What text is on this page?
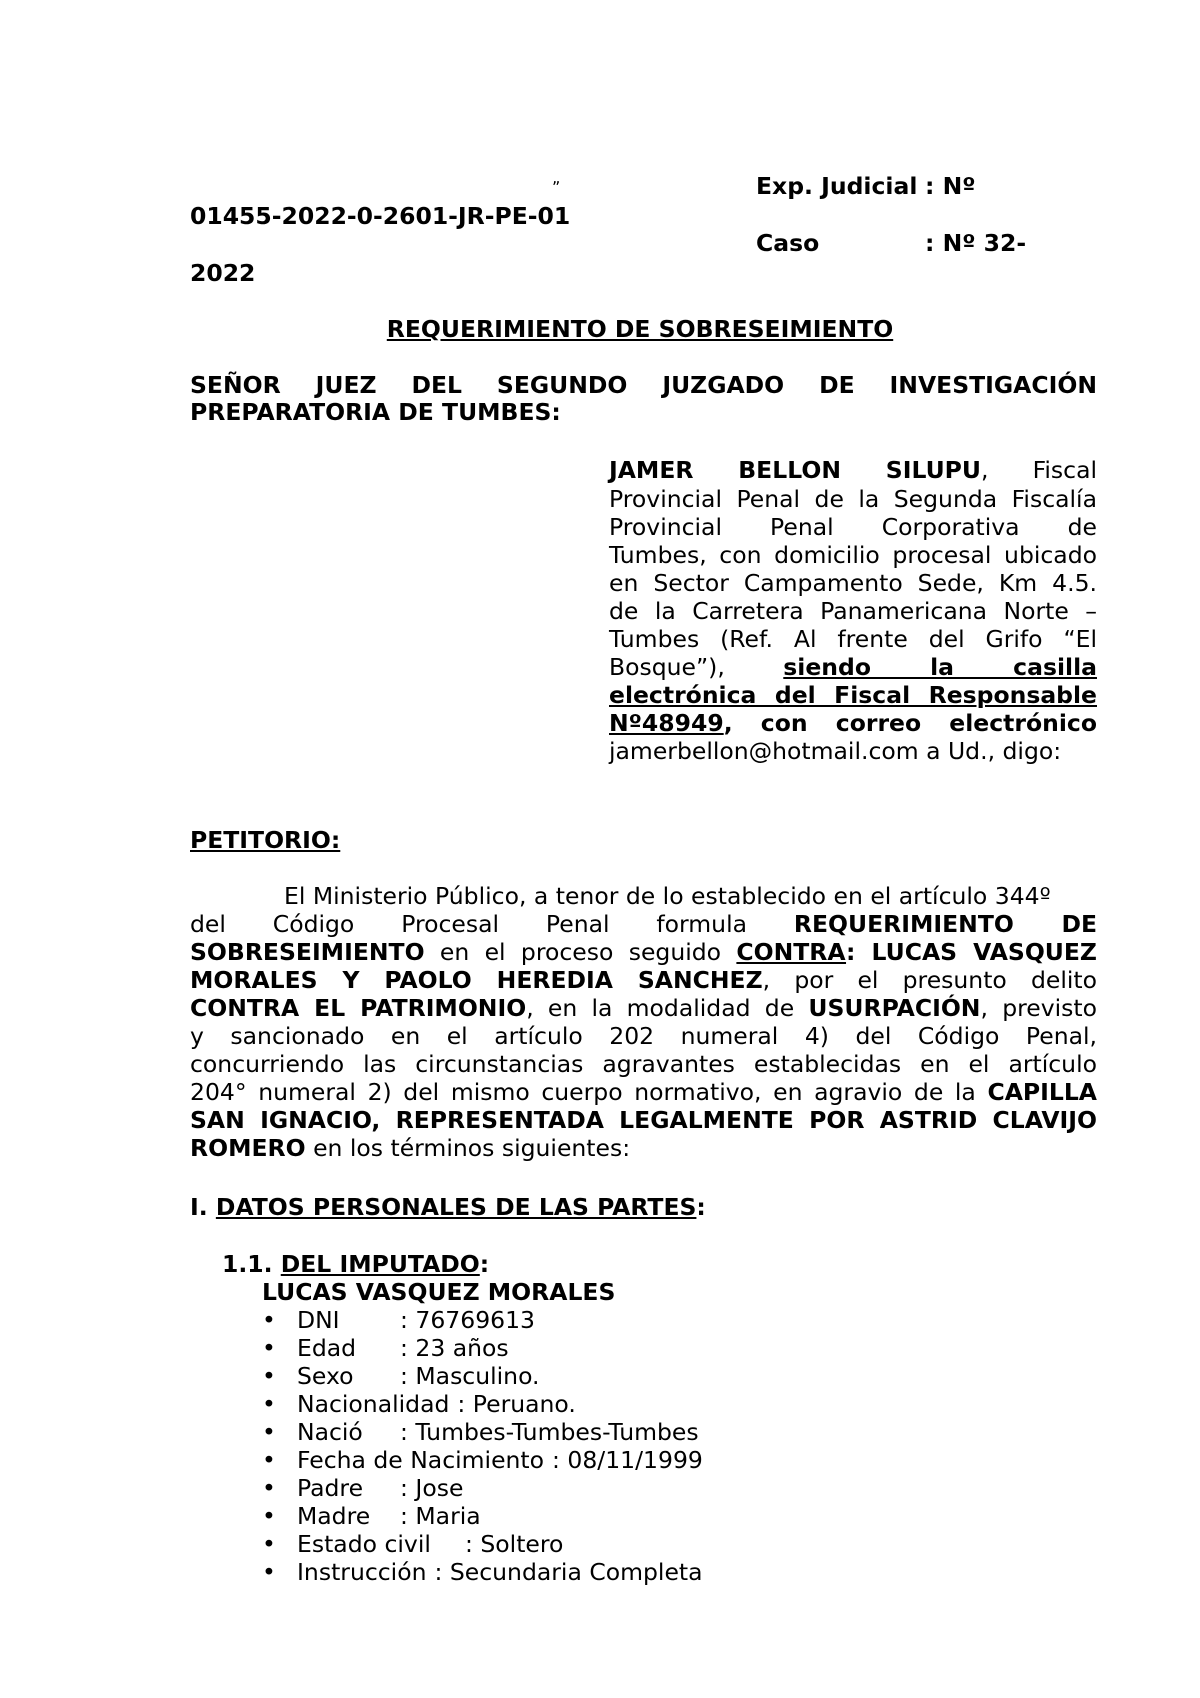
„	Exp. Judicial : Nº
01455-2022-0-2601-JR-PE-01
Caso	: Nº 32-
2022
REQUERIMIENTO DE SOBRESEIMIENTO
SEÑOR JUEZ DEL SEGUNDO JUZGADO DE INVESTIGACIÓN
PREPARATORIA DE TUMBES:
JAMER BELLON SILUPU, Fiscal
Provincial Penal de la Segunda Fiscalía
Provincial Penal Corporativa de
Tumbes, con domicilio procesal ubicado
en Sector Campamento Sede, Km 4.5.
de la Carretera Panamericana Norte –
Tumbes (Ref. Al frente del Grifo “El
Bosque”), siendo la casilla
electrónica del Fiscal Responsable
Nº48949, con correo electrónico
jamerbellon@hotmail.com a Ud., digo:
PETITORIO:
El Ministerio Público, a tenor de lo establecido en el artículo 344º
del Código Procesal Penal formula REQUERIMIENTO DE
SOBRESEIMIENTO en el proceso seguido CONTRA: LUCAS VASQUEZ
MORALES Y PAOLO HEREDIA SANCHEZ, por el presunto delito
CONTRA EL PATRIMONIO, en la modalidad de USURPACIÓN, previsto
y sancionado en el artículo 202 numeral 4) del Código Penal,
concurriendo las circunstancias agravantes establecidas en el artículo
204° numeral 2) del mismo cuerpo normativo, en agravio de la CAPILLA
SAN IGNACIO, REPRESENTADA LEGALMENTE POR ASTRID CLAVIJO
ROMERO en los términos siguientes:
I. DATOS PERSONALES DE LAS PARTES:
1.1. DEL IMPUTADO:
LUCAS VASQUEZ MORALES
• DNI	: 76769613
• Edad : 23 años
• Sexo : Masculino.
• Nacionalidad : Peruano.
• Nació : Tumbes-Tumbes-Tumbes
• Fecha de Nacimiento : 08/11/1999
• Padre : Jose
• Madre : Maria
• Estado civil : Soltero
• Instrucción : Secundaria Completa
